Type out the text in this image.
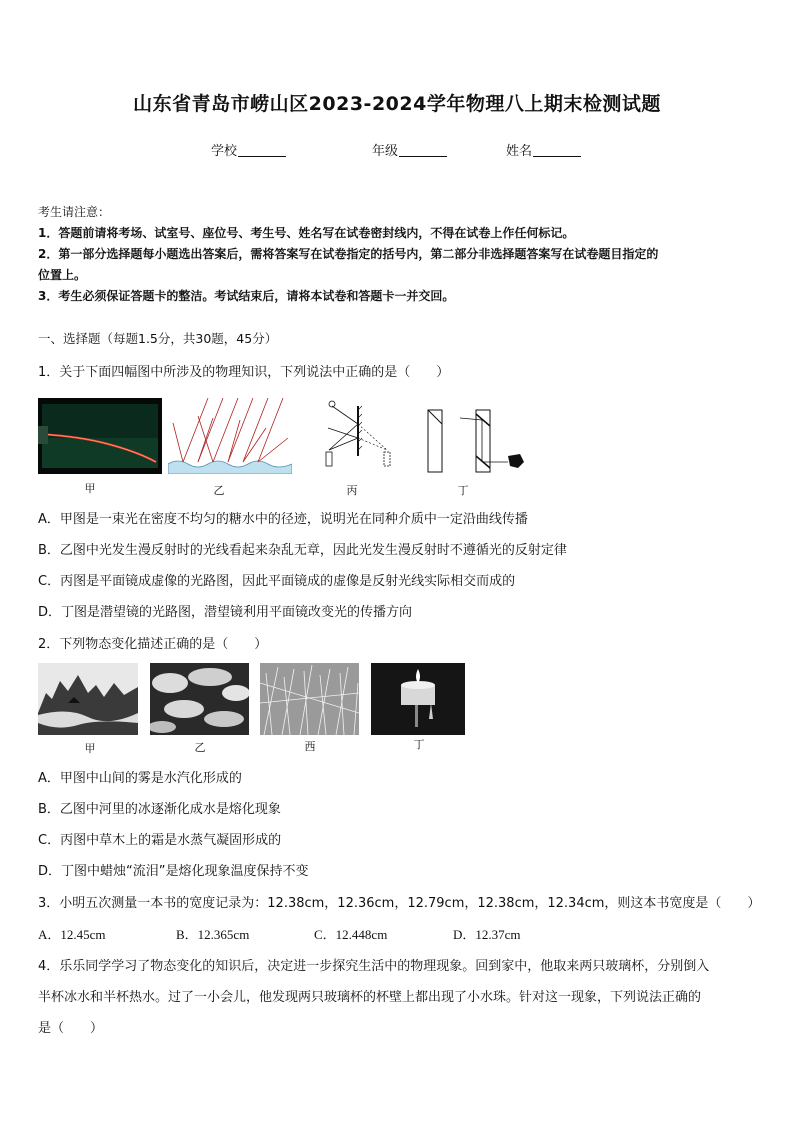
山东省青岛市崂山区2023-2024学年物理八上期末检测试题
学校	年级	姓名
考生请注意：
1．答题前请将考场、试室号、座位号、考生号、姓名写在试卷密封线内，不得在试卷上作任何标记。
2．第一部分选择题每小题选出答案后，需将答案写在试卷指定的括号内，第二部分非选择题答案写在试卷题目指定的
位置上。
3．考生必须保证答题卡的整洁。考试结束后，请将本试卷和答题卡一并交回。
一、选择题（每题1.5分，共30题，45分）
1．关于下面四幅图中所涉及的物理知识，下列说法中正确的是（　　）
甲	乙	丙	丁
A．甲图是一束光在密度不均匀的糖水中的径迹，说明光在同种介质中一定沿曲线传播
B．乙图中光发生漫反射时的光线看起来杂乱无章，因此光发生漫反射时不遵循光的反射定律
C．丙图是平面镜成虚像的光路图，因此平面镜成的虚像是反射光线实际相交而成的
D．丁图是潜望镜的光路图，潜望镜利用平面镜改变光的传播方向
2．下列物态变化描述正确的是（　　）
甲	乙	西	丁
A．甲图中山间的雾是水汽化形成的
B．乙图中河里的冰逐渐化成水是熔化现象
C．丙图中草木上的霜是水蒸气凝固形成的
D．丁图中蜡烛“流泪”是熔化现象温度保持不变
3．小明五次测量一本书的宽度记录为：12.38cm，12.36cm，12.79cm，12.38cm，12.34cm，则这本书宽度是（　　）
A．12.45cm	B．12.365cm	C．12.448cm	D．12.37cm
4．乐乐同学学习了物态变化的知识后，决定进一步探究生活中的物理现象。回到家中，他取来两只玻璃杯，分别倒入
半杯冰水和半杯热水。过了一小会儿，他发现两只玻璃杯的杯壁上都出现了小水珠。针对这一现象，下列说法正确的
是（　　）
